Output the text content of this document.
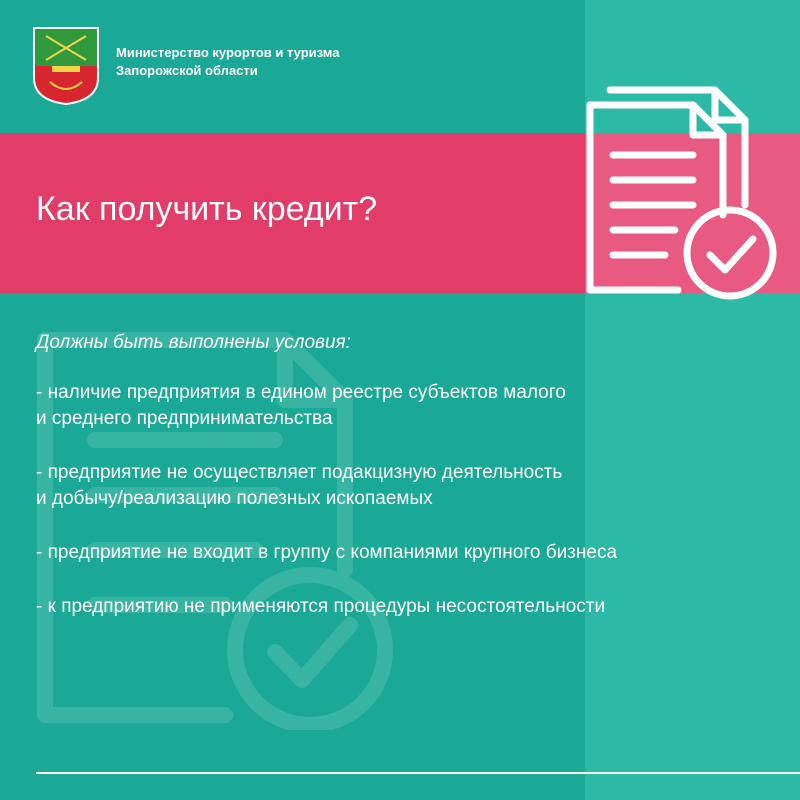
Министерство курортов и туризма
Запорожской области
Как получить кредит?
Должны быть выполнены условия:
- наличие предприятия в едином реестре субъектов малого
и среднего предпринимательства
- предприятие не осуществляет подакцизную деятельность
и добычу/реализацию полезных ископаемых
- предприятие не входит в группу с компаниями крупного бизнеса
- к предприятию не применяются процедуры несостоятельности
